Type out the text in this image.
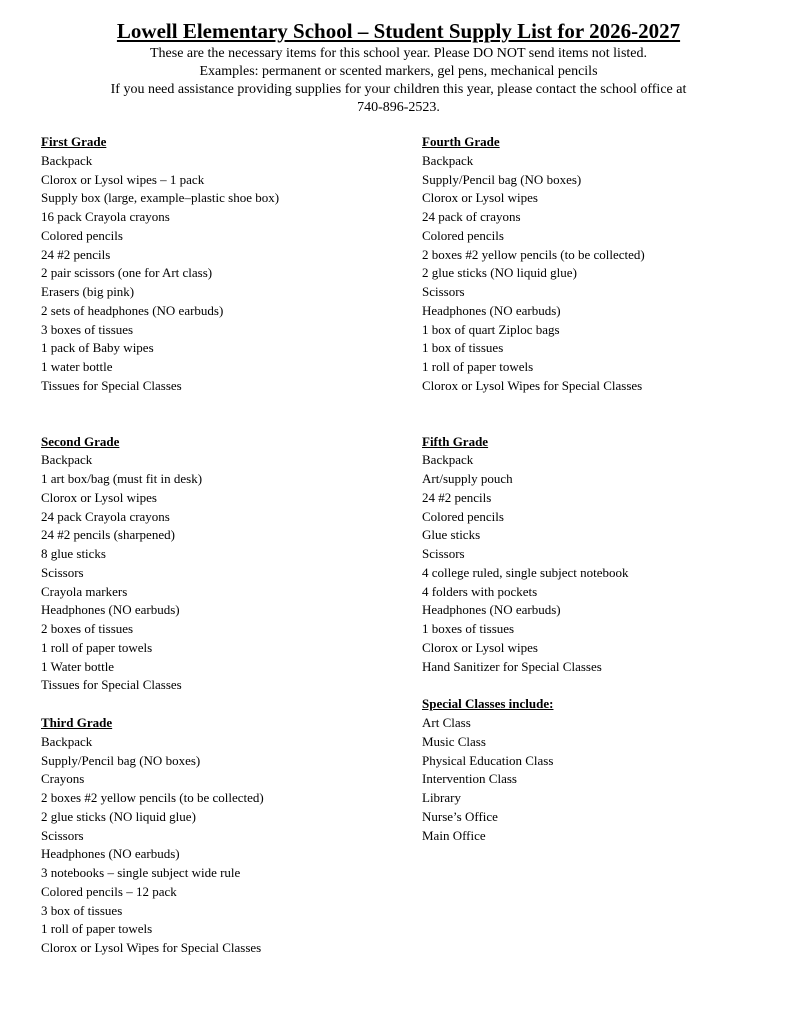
Lowell Elementary School – Student Supply List for 2026-2027
These are the necessary items for this school year. Please DO NOT send items not listed.
Examples: permanent or scented markers, gel pens, mechanical pencils
If you need assistance providing supplies for your children this year, please contact the school office at
740-896-2523.
First Grade
Backpack
Clorox or Lysol wipes – 1 pack
Supply box (large, example–plastic shoe box)
16 pack Crayola crayons
Colored pencils
24 #2 pencils
2 pair scissors (one for Art class)
Erasers (big pink)
2 sets of headphones (NO earbuds)
3 boxes of tissues
1 pack of Baby wipes
1 water bottle
Tissues for Special Classes
Second Grade
Backpack
1 art box/bag (must fit in desk)
Clorox or Lysol wipes
24 pack Crayola crayons
24 #2 pencils (sharpened)
8 glue sticks
Scissors
Crayola markers
Headphones (NO earbuds)
2 boxes of tissues
1 roll of paper towels
1 Water bottle
Tissues for Special Classes
Third Grade
Backpack
Supply/Pencil bag (NO boxes)
Crayons
2 boxes #2 yellow pencils (to be collected)
2 glue sticks (NO liquid glue)
Scissors
Headphones (NO earbuds)
3 notebooks – single subject wide rule
Colored pencils – 12 pack
3 box of tissues
1 roll of paper towels
Clorox or Lysol Wipes for Special Classes
Fourth Grade
Backpack
Supply/Pencil bag (NO boxes)
Clorox or Lysol wipes
24 pack of crayons
Colored pencils
2 boxes #2 yellow pencils (to be collected)
2 glue sticks (NO liquid glue)
Scissors
Headphones (NO earbuds)
1 box of quart Ziploc bags
1 box of tissues
1 roll of paper towels
Clorox or Lysol Wipes for Special Classes
Fifth Grade
Backpack
Art/supply pouch
24 #2 pencils
Colored pencils
Glue sticks
Scissors
4 college ruled, single subject notebook
4 folders with pockets
Headphones (NO earbuds)
1 boxes of tissues
Clorox or Lysol wipes
Hand Sanitizer for Special Classes
Special Classes include:
Art Class
Music Class
Physical Education Class
Intervention Class
Library
Nurse’s Office
Main Office
